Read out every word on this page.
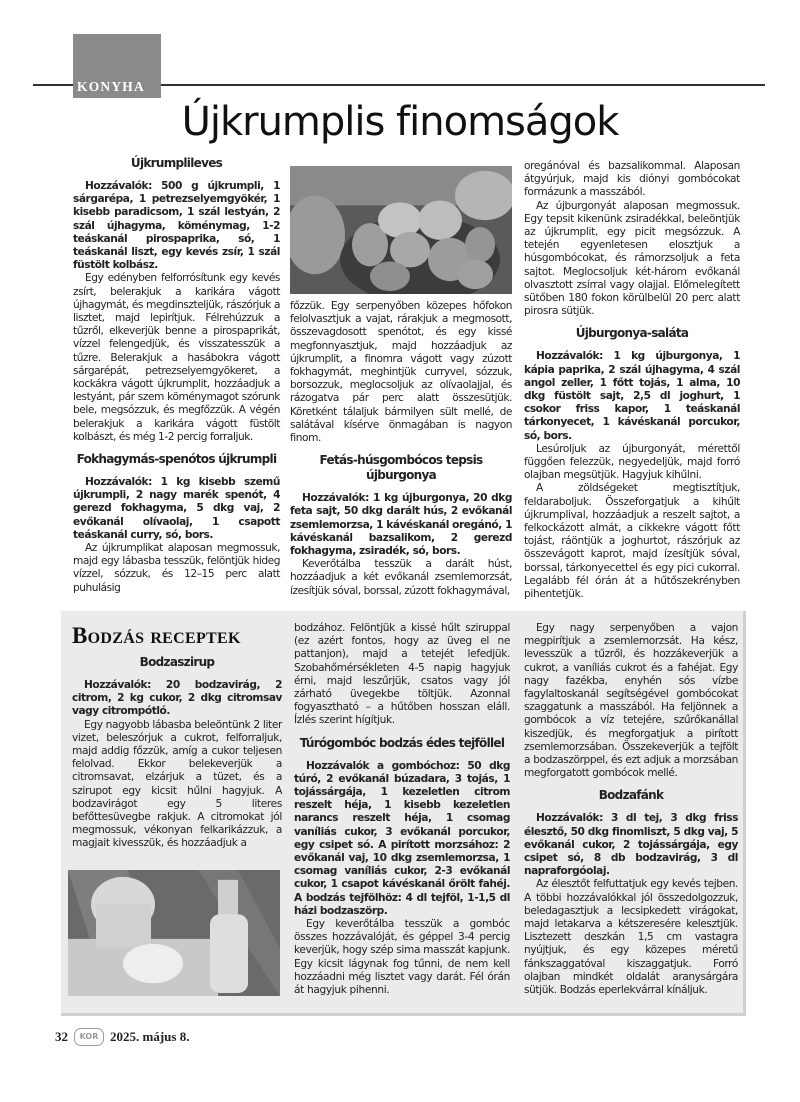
KONYHA
Újkrumplis finomságok
Újkrumplileves

Hozzávalók: 500 g újkrumpli, 1 sárgarépa, 1 petrezselyemgyökér, 1 kisebb paradicsom, 1 szál lestyán, 2 szál újhagyma, köménymag, 1-2 teáskanál pirospaprika, só, 1 teáskanál liszt, egy kevés zsír, 1 szál füstölt kolbász.

Egy edényben felforrósítunk egy kevés zsírt, belerakjuk a karikára vágott újhagymát, és megdinszteljük, rászórjuk a lisztet, majd lepirítjuk. Félrehúzzuk a tűzről, elkeverjük benne a pirospaprikát, vízzel felengedjük, és visszatesszük a tűzre. Belerakjuk a hasábokra vágott sárgarépát, petrezselyemgyökeret, a kockákra vágott újkrumplit, hozzáadjuk a lestyánt, pár szem köménymagot szórunk bele, megsózzuk, és megfőzzük. A végén belerakjuk a karikára vágott füstölt kolbászt, és még 1-2 percig forraljuk.

Fokhagymás-spenótos újkrumpli

Hozzávalók: 1 kg kisebb szemű újkrumpli, 2 nagy marék spenót, 4 gerezd fokhagyma, 5 dkg vaj, 2 evőkanál olívaolaj, 1 csapott teáskanál curry, só, bors.

Az újkrumplikat alaposan megmossuk, majd egy lábasba tesszük, felöntjük hideg vízzel, sózzuk, és 12–15 perc alatt puhulásig

főzzük. Egy serpenyőben közepes hőfokon felolvasztjuk a vajat, rárakjuk a megmosott, összevagdosott spenótot, és egy kissé megfonnyasztjuk, majd hozzáadjuk az újkrumplit, a finomra vágott vagy zúzott fokhagymát, meghintjük curryvel, sózzuk, borsozzuk, meglocsoljuk az olívaolajjal, és rázogatva pár perc alatt összesütjük. Köretként tálaljuk bármilyen sült mellé, de salátával kísérve önmagában is nagyon finom.

Fetás-húsgombócos tepsis újburgonya

Hozzávalók: 1 kg újburgonya, 20 dkg feta sajt, 50 dkg darált hús, 2 evőkanál zsemlemorzsa, 1 kávéskanál oregánó, 1 kávéskanál bazsalikom, 2 gerezd fokhagyma, zsiradék, só, bors.

Keverőtálba tesszük a darált húst, hozzáadjuk a két evőkanál zsemlemorzsát, ízesítjük sóval, borssal, zúzott fokhagymával,

oregánóval és bazsalikommal. Alaposan átgyúrjuk, majd kis diónyi gombócokat formázunk a masszából.

Az újburgonyát alaposan megmossuk. Egy tepsit kikenünk zsiradékkal, beleöntjük az újkrumplit, egy picit megsózzuk. A tetején egyenletesen elosztjuk a húsgombócokat, és rámorzsoljuk a feta sajtot. Meglocsoljuk két-három evőkanál olvasztott zsírral vagy olajjal. Előmelegített sütőben 180 fokon körülbelül 20 perc alatt pirosra sütjük.

Újburgonya-saláta

Hozzávalók: 1 kg újburgonya, 1 kápia paprika, 2 szál újhagyma, 4 szál angol zeller, 1 főtt tojás, 1 alma, 10 dkg füstölt sajt, 2,5 dl joghurt, 1 csokor friss kapor, 1 teáskanál tárkonyecet, 1 kávéskanál porcukor, só, bors.

Lesúroljuk az újburgonyát, mérettől függően felezzük, negyedeljük, majd forró olajban megsütjük. Hagyjuk kihűlni.

A zöldségeket megtisztítjuk, feldaraboljuk. Összeforgatjuk a kihűlt újkrumplival, hozzáadjuk a reszelt sajtot, a felkockázott almát, a cikkekre vágott főtt tojást, ráöntjük a joghurtot, rászórjuk az összevágott kaprot, majd ízesítjük sóval, borssal, tárkonyecettel és egy pici cukorral. Legalább fél órán át a hűtőszekrényben pihentetjük.

Bodzás receptek
Bodzaszirup

Hozzávalók: 20 bodzavirág, 2 citrom, 2 kg cukor, 2 dkg citromsav vagy citrompótló.

Egy nagyobb lábasba beleöntünk 2 liter vizet, beleszórjuk a cukrot, felforraljuk, majd addig főzzük, amíg a cukor teljesen felolvad. Ekkor belekeverjük a citromsavat, elzárjuk a tüzet, és a szirupot egy kicsit hűlni hagyjuk. A bodzavirágot egy 5 literes befőttesüvegbe rakjuk. A citromokat jól megmossuk, vékonyan felkarikázzuk, a magjait kivesszük, és hozzáadjuk a

bodzához. Felöntjük a kissé hűlt sziruppal (ez azért fontos, hogy az üveg el ne pattanjon), majd a tetejét lefedjük. Szobahőmérsékleten 4-5 napig hagyjuk érni, majd leszűrjük, csatos vagy jól zárható üvegekbe töltjük. Azonnal fogyasztható – a hűtőben hosszan eláll. Ízlés szerint hígítjuk.

Túrógombóc bodzás édes tejföllel

Hozzávalók a gombóchoz: 50 dkg túró, 2 evőkanál búzadara, 3 tojás, 1 tojássárgája, 1 kezeletlen citrom reszelt héja, 1 kisebb kezeletlen narancs reszelt héja, 1 csomag vaníliás cukor, 3 evőkanál porcukor, egy csipet só. A pirított morzsához: 2 evőkanál vaj, 10 dkg zsemlemorzsa, 1 csomag vaníliás cukor, 2-3 evőkanál cukor, 1 csapot kávéskanál őrölt fahéj. A bodzás tejfölhöz: 4 dl tejföl, 1-1,5 dl házi bodzaszörp.

Egy keverőtálba tesszük a gombóc összes hozzávalóját, és géppel 3-4 percig keverjük, hogy szép sima masszát kapjunk. Egy kicsit lágynak fog tűnni, de nem kell hozzáadni még lisztet vagy darát. Fél órán át hagyjuk pihenni.

Egy nagy serpenyőben a vajon megpirítjuk a zsemlemorzsát. Ha kész, levesszük a tűzről, és hozzákeverjük a cukrot, a vaníliás cukrot és a fahéjat. Egy nagy fazékba, enyhén sós vízbe fagylaltoskanál segítségével gombócokat szaggatunk a masszából. Ha feljönnek a gombócok a víz tetejére, szűrőkanállal kiszedjük, és megforgatjuk a pirított zsemlemorzsában. Összekeverjük a tejfölt a bodzaszörppel, és ezt adjuk a morzsában megforgatott gombócok mellé.

Bodzafánk

Hozzávalók: 3 dl tej, 3 dkg friss élesztő, 50 dkg finomliszt, 5 dkg vaj, 5 evőkanál cukor, 2 tojássárgája, egy csipet só, 8 db bodzavirág, 3 dl napraforgóolaj.

Az élesztőt felfuttatjuk egy kevés tejben. A többi hozzávalókkal jól összedolgozzuk, beledagasztjuk a lecsipkedett virágokat, majd letakarva a kétszeresére kelesztjük. Lisztezett deszkán 1,5 cm vastagra nyújtjuk, és egy közepes méretű fánkszaggatóval kiszaggatjuk. Forró olajban mindkét oldalát aranysárgára sütjük. Bodzás eperlekvárral kínáljuk.

32	KOR 2025. május 8.
